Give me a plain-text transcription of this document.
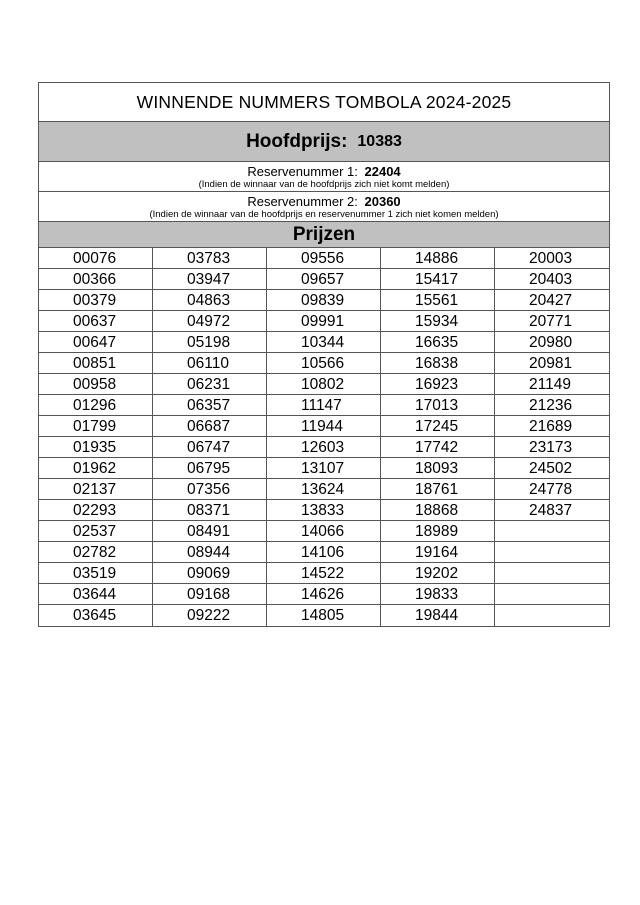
WINNENDE NUMMERS TOMBOLA 2024-2025
Hoofdprijs: 10383
Reservenummer 1: 22404
(Indien de winnaar van de hoofdprijs zich niet komt melden)
Reservenummer 2: 20360
(Indien de winnaar van de hoofdprijs en reservenummer 1 zich niet komen melden)
Prijzen
00076	03783	09556	14886	20003
00366	03947	09657	15417	20403
00379	04863	09839	15561	20427
00637	04972	09991	15934	20771
00647	05198	10344	16635	20980
00851	06110	10566	16838	20981
00958	06231	10802	16923	21149
01296	06357	11147	17013	21236
01799	06687	11944	17245	21689
01935	06747	12603	17742	23173
01962	06795	13107	18093	24502
02137	07356	13624	18761	24778
02293	08371	13833	18868	24837
02537	08491	14066	18989
02782	08944	14106	19164
03519	09069	14522	19202
03644	09168	14626	19833
03645	09222	14805	19844
